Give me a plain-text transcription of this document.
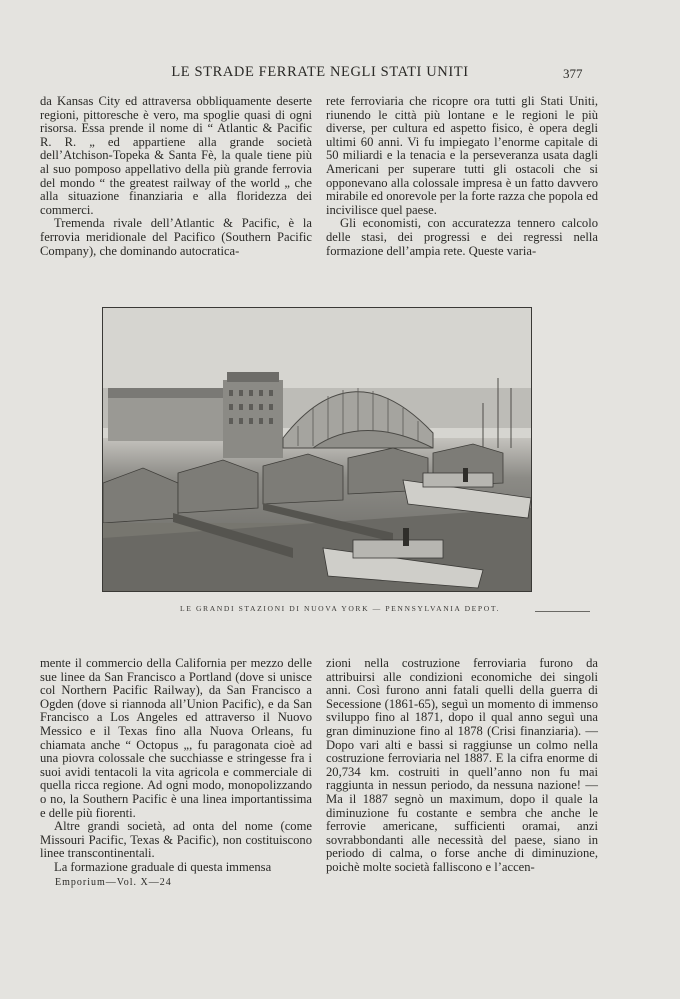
LE STRADE FERRATE NEGLI STATI UNITI	377

da Kansas City ed attraversa obbliquamente deserte regioni, pittoresche è vero, ma spoglie quasi di ogni risorsa. Essa prende il nome di “ Atlantic & Pacific R. R. „ ed appartiene alla grande società dell’Atchison-Topeka & Santa Fè, la quale tiene più al suo pomposo appellativo della più grande ferrovia del mondo “ the greatest railway of the world „ che alla situazione finanziaria e alla floridezza dei commerci.

Tremenda rivale dell’Atlantic & Pacific, è la ferrovia meridionale del Pacifico (Southern Pacific Company), che dominando autocratica-

rete ferroviaria che ricopre ora tutti gli Stati Uniti, riunendo le città più lontane e le regioni le più diverse, per cultura ed aspetto fisico, è opera degli ultimi 60 anni. Vi fu impiegato l’enorme capitale di 50 miliardi e la tenacia e la perseveranza usata dagli Americani per superare tutti gli ostacoli che si opponevano alla colossale impresa è un fatto davvero mirabile ed onorevole per la forte razza che popola ed incivilisce quel paese.

Gli economisti, con accuratezza tennero calcolo delle stasi, dei progressi e dei regressi nella formazione dell’ampia rete. Queste varia-

LE GRANDI STAZIONI DI NUOVA YORK — PENNSYLVANIA DEPOT.

mente il commercio della California per mezzo delle sue linee da San Francisco a Portland (dove si unisce col Northern Pacific Railway), da San Francisco a Ogden (dove si riannoda all’Union Pacific), e da San Francisco a Los Angeles ed attraverso il Nuovo Messico e il Texas fino alla Nuova Orleans, fu chiamata anche “ Octopus „, fu paragonata cioè ad una piovra colossale che succhiasse e stringesse fra i suoi avidi tentacoli la vita agricola e commerciale di quella ricca regione. Ad ogni modo, monopolizzando o no, la Southern Pacific è una linea importantissima e delle più fiorenti.

Altre grandi società, ad onta del nome (come Missouri Pacific, Texas & Pacific), non costituiscono linee transcontinentali.

La formazione graduale di questa immensa

zioni nella costruzione ferroviaria furono da attribuirsi alle condizioni economiche dei singoli anni. Così furono anni fatali quelli della guerra di Secessione (1861-65), seguì un momento di immenso sviluppo fino al 1871, dopo il qual anno seguì una gran diminuzione fino al 1878 (Crisi finanziaria). — Dopo vari alti e bassi si raggiunse un colmo nella costruzione ferroviaria nel 1887. E la cifra enorme di 20,734 km. costruiti in quell’anno non fu mai raggiunta in nessun periodo, da nessuna nazione! — Ma il 1887 segnò un maximum, dopo il quale la diminuzione fu costante e sembra che anche le ferrovie americane, sufficienti oramai, anzi sovrabbondanti alle necessità del paese, siano in periodo di calma, o forse anche di diminuzione, poichè molte società falliscono e l’accen-

Emporium—Vol. X—24
